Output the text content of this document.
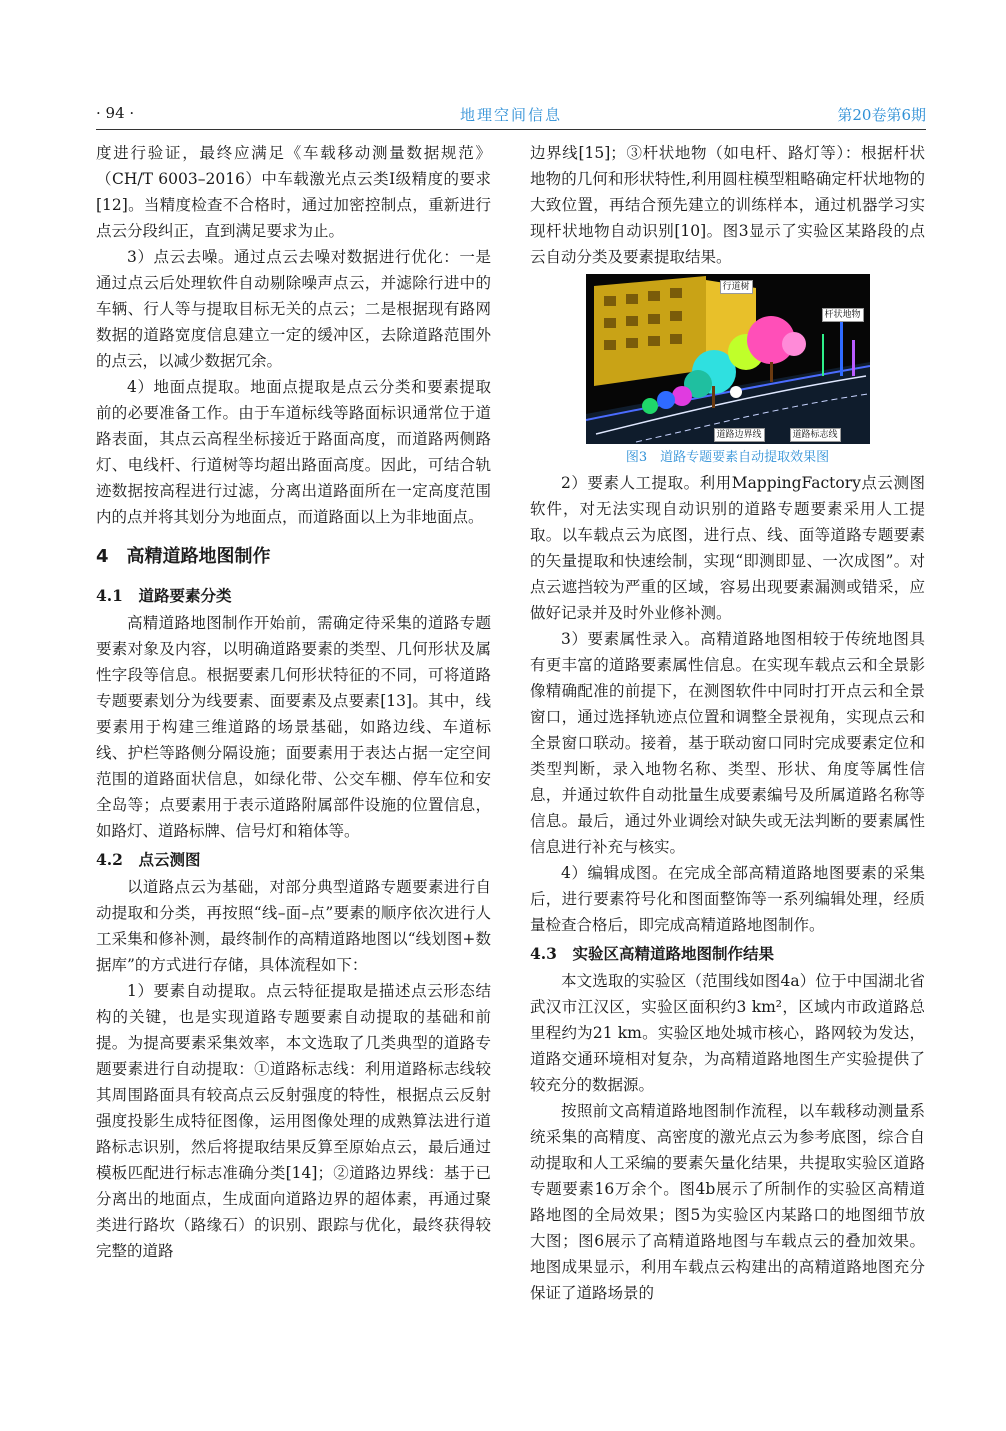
· 94 ·	地理空间信息	第20卷第6期

度进行验证，最终应满足《车载移动测量数据规范》（CH/T 6003–2016）中车载激光点云类Ⅰ级精度的要求[12]。当精度检查不合格时，通过加密控制点，重新进行点云分段纠正，直到满足要求为止。

3）点云去噪。通过点云去噪对数据进行优化：一是通过点云后处理软件自动剔除噪声点云，并滤除行进中的车辆、行人等与提取目标无关的点云；二是根据现有路网数据的道路宽度信息建立一定的缓冲区，去除道路范围外的点云，以减少数据冗余。

4）地面点提取。地面点提取是点云分类和要素提取前的必要准备工作。由于车道标线等路面标识通常位于道路表面，其点云高程坐标接近于路面高度，而道路两侧路灯、电线杆、行道树等均超出路面高度。因此，可结合轨迹数据按高程进行过滤，分离出道路面所在一定高度范围内的点并将其划分为地面点，而道路面以上为非地面点。

4　高精道路地图制作
4.1　道路要素分类

高精道路地图制作开始前，需确定待采集的道路专题要素对象及内容，以明确道路要素的类型、几何形状及属性字段等信息。根据要素几何形状特征的不同，可将道路专题要素划分为线要素、面要素及点要素[13]。其中，线要素用于构建三维道路的场景基础，如路边线、车道标线、护栏等路侧分隔设施；面要素用于表达占据一定空间范围的道路面状信息，如绿化带、公交车棚、停车位和安全岛等；点要素用于表示道路附属部件设施的位置信息，如路灯、道路标牌、信号灯和箱体等。

4.2　点云测图

以道路点云为基础，对部分典型道路专题要素进行自动提取和分类，再按照“线–面–点”要素的顺序依次进行人工采集和修补测，最终制作的高精道路地图以“线划图+数据库”的方式进行存储，具体流程如下：

1）要素自动提取。点云特征提取是描述点云形态结构的关键，也是实现道路专题要素自动提取的基础和前提。为提高要素采集效率，本文选取了几类典型的道路专题要素进行自动提取：①道路标志线：利用道路标志线较其周围路面具有较高点云反射强度的特性，根据点云反射强度投影生成特征图像，运用图像处理的成熟算法进行道路标志识别，然后将提取结果反算至原始点云，最后通过模板匹配进行标志准确分类[14]；②道路边界线：基于已分离出的地面点，生成面向道路边界的超体素，再通过聚类进行路坎（路缘石）的识别、跟踪与优化，最终获得较完整的道路

边界线[15]；③杆状地物（如电杆、路灯等）：根据杆状地物的几何和形状特性,利用圆柱模型粗略确定杆状地物的大致位置，再结合预先建立的训练样本，通过机器学习实现杆状地物自动识别[10]。图3显示了实验区某路段的点云自动分类及要素提取结果。

行道树
杆状地物
道路边界线	道路标志线
图3　道路专题要素自动提取效果图

2）要素人工提取。利用MappingFactory点云测图软件，对无法实现自动识别的道路专题要素采用人工提取。以车载点云为底图，进行点、线、面等道路专题要素的矢量提取和快速绘制，实现“即测即显、一次成图”。对点云遮挡较为严重的区域，容易出现要素漏测或错采，应做好记录并及时外业修补测。

3）要素属性录入。高精道路地图相较于传统地图具有更丰富的道路要素属性信息。在实现车载点云和全景影像精确配准的前提下，在测图软件中同时打开点云和全景窗口，通过选择轨迹点位置和调整全景视角，实现点云和全景窗口联动。接着，基于联动窗口同时完成要素定位和类型判断，录入地物名称、类型、形状、角度等属性信息，并通过软件自动批量生成要素编号及所属道路名称等信息。最后，通过外业调绘对缺失或无法判断的要素属性信息进行补充与核实。

4）编辑成图。在完成全部高精道路地图要素的采集后，进行要素符号化和图面整饰等一系列编辑处理，经质量检查合格后，即完成高精道路地图制作。

4.3　实验区高精道路地图制作结果

本文选取的实验区（范围线如图4a）位于中国湖北省武汉市江汉区，实验区面积约3 km²，区域内市政道路总里程约为21 km。实验区地处城市核心，路网较为发达，道路交通环境相对复杂，为高精道路地图生产实验提供了较充分的数据源。

按照前文高精道路地图制作流程，以车载移动测量系统采集的高精度、高密度的激光点云为参考底图，综合自动提取和人工采编的要素矢量化结果，共提取实验区道路专题要素16万余个。图4b展示了所制作的实验区高精道路地图的全局效果；图5为实验区内某路口的地图细节放大图；图6展示了高精道路地图与车载点云的叠加效果。地图成果显示，利用车载点云构建出的高精道路地图充分保证了道路场景的
